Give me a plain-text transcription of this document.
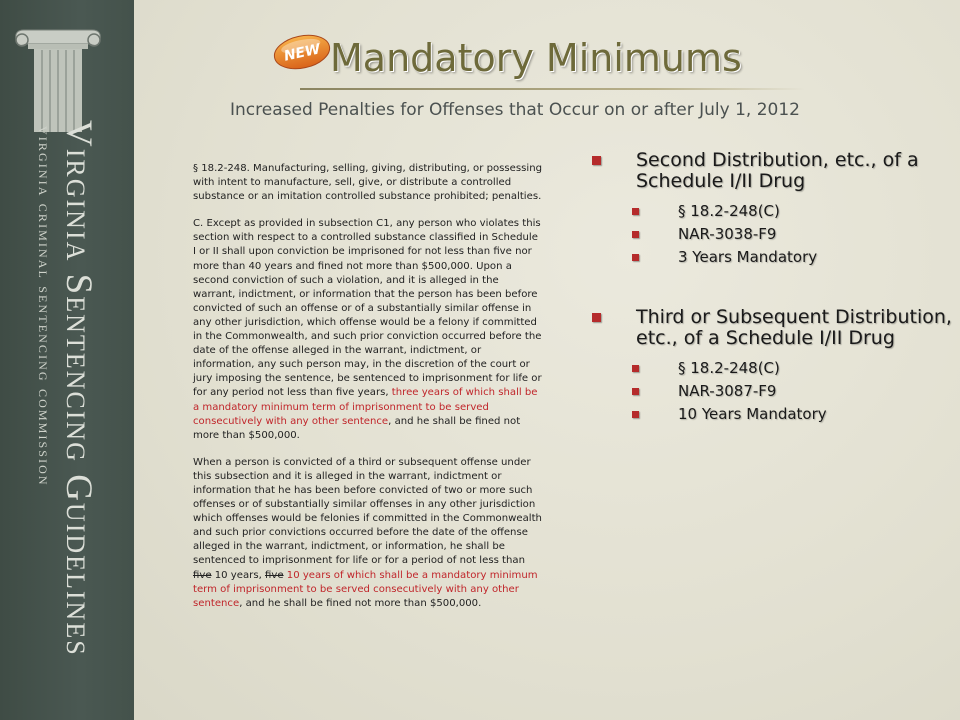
Virginia Sentencing Guidelines
virginia criminal sentencing commission
NEW Mandatory Minimums

Increased Penalties for Offenses that Occur on or after July 1, 2012

§ 18.2-248. Manufacturing, selling, giving, distributing, or possessing with intent to manufacture, sell, give, or distribute a controlled substance or an imitation controlled substance prohibited; penalties.

C. Except as provided in subsection C1, any person who violates this section with respect to a controlled substance classified in Schedule I or II shall upon conviction be imprisoned for not less than five nor more than 40 years and fined not more than $500,000. Upon a second conviction of such a violation, and it is alleged in the warrant, indictment, or information that the person has been before convicted of such an offense or of a substantially similar offense in any other jurisdiction, which offense would be a felony if committed in the Commonwealth, and such prior conviction occurred before the date of the offense alleged in the warrant, indictment, or information, any such person may, in the discretion of the court or jury imposing the sentence, be sentenced to imprisonment for life or for any period not less than five years, three years of which shall be a mandatory minimum term of imprisonment to be served consecutively with any other sentence, and he shall be fined not more than $500,000.

When a person is convicted of a third or subsequent offense under this subsection and it is alleged in the warrant, indictment or information that he has been before convicted of two or more such offenses or of substantially similar offenses in any other jurisdiction which offenses would be felonies if committed in the Commonwealth and such prior convictions occurred before the date of the offense alleged in the warrant, indictment, or information, he shall be sentenced to imprisonment for life or for a period of not less than five 10 years, five 10 years of which shall be a mandatory minimum term of imprisonment to be served consecutively with any other sentence, and he shall be fined not more than $500,000.

Second Distribution, etc., of a Schedule I/II Drug
§ 18.2-248(C)
NAR-3038-F9
3 Years Mandatory
Third or Subsequent Distribution, etc., of a Schedule I/II Drug
§ 18.2-248(C)
NAR-3087-F9
10 Years Mandatory
